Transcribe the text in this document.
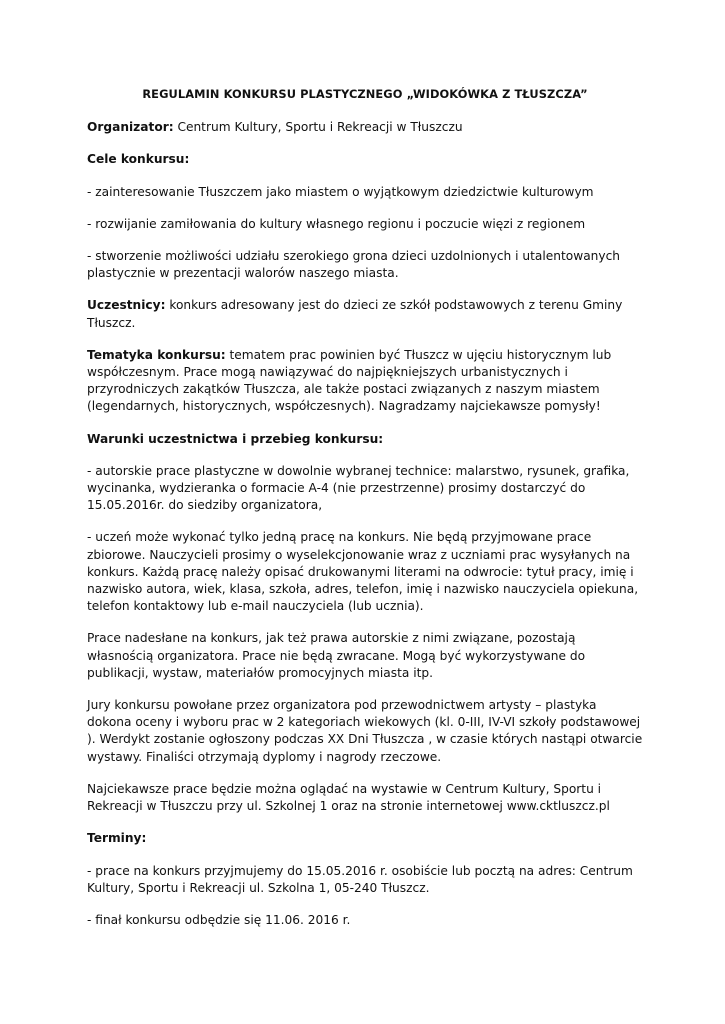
REGULAMIN KONKURSU PLASTYCZNEGO „WIDOKÓWKA Z TŁUSZCZA”

Organizator: Centrum Kultury, Sportu i Rekreacji w Tłuszczu

Cele konkursu:

- zainteresowanie Tłuszczem jako miastem o wyjątkowym dziedzictwie kulturowym

- rozwijanie zamiłowania do kultury własnego regionu i poczucie więzi z regionem

- stworzenie możliwości udziału szerokiego grona dzieci uzdolnionych i utalentowanych plastycznie w prezentacji walorów naszego miasta.

Uczestnicy: konkurs adresowany jest do dzieci ze szkół podstawowych z terenu Gminy Tłuszcz.

Tematyka konkursu: tematem prac powinien być Tłuszcz w ujęciu historycznym lub współczesnym. Prace mogą nawiązywać do najpiękniejszych urbanistycznych i przyrodniczych zakątków Tłuszcza, ale także postaci związanych z naszym miastem (legendarnych, historycznych, współczesnych). Nagradzamy najciekawsze pomysły!

Warunki uczestnictwa i przebieg konkursu:

- autorskie prace plastyczne w dowolnie wybranej technice: malarstwo, rysunek, grafika, wycinanka, wydzieranka o formacie A-4 (nie przestrzenne) prosimy dostarczyć do 15.05.2016r. do siedziby organizatora,

- uczeń może wykonać tylko jedną pracę na konkurs. Nie będą przyjmowane prace zbiorowe. Nauczycieli prosimy o wyselekcjonowanie wraz z uczniami prac wysyłanych na konkurs. Każdą pracę należy opisać drukowanymi literami na odwrocie: tytuł pracy, imię i nazwisko autora, wiek, klasa, szkoła, adres, telefon, imię i nazwisko nauczyciela opiekuna, telefon kontaktowy lub e-mail nauczyciela (lub ucznia).

Prace nadesłane na konkurs, jak też prawa autorskie z nimi związane, pozostają własnością organizatora. Prace nie będą zwracane. Mogą być wykorzystywane do publikacji, wystaw, materiałów promocyjnych miasta itp.

Jury konkursu powołane przez organizatora pod przewodnictwem artysty – plastyka dokona oceny i wyboru prac w 2 kategoriach wiekowych (kl. 0-III, IV-VI szkoły podstawowej ). Werdykt zostanie ogłoszony podczas XX Dni Tłuszcza , w czasie których nastąpi otwarcie wystawy. Finaliści otrzymają dyplomy i nagrody rzeczowe.

Najciekawsze prace będzie można oglądać na wystawie w Centrum Kultury, Sportu i Rekreacji w Tłuszczu przy ul. Szkolnej 1 oraz na stronie internetowej www.cktluszcz.pl

Terminy:

- prace na konkurs przyjmujemy do 15.05.2016 r. osobiście lub pocztą na adres: Centrum Kultury, Sportu i Rekreacji ul. Szkolna 1, 05-240 Tłuszcz.

- finał konkursu odbędzie się 11.06. 2016 r.
